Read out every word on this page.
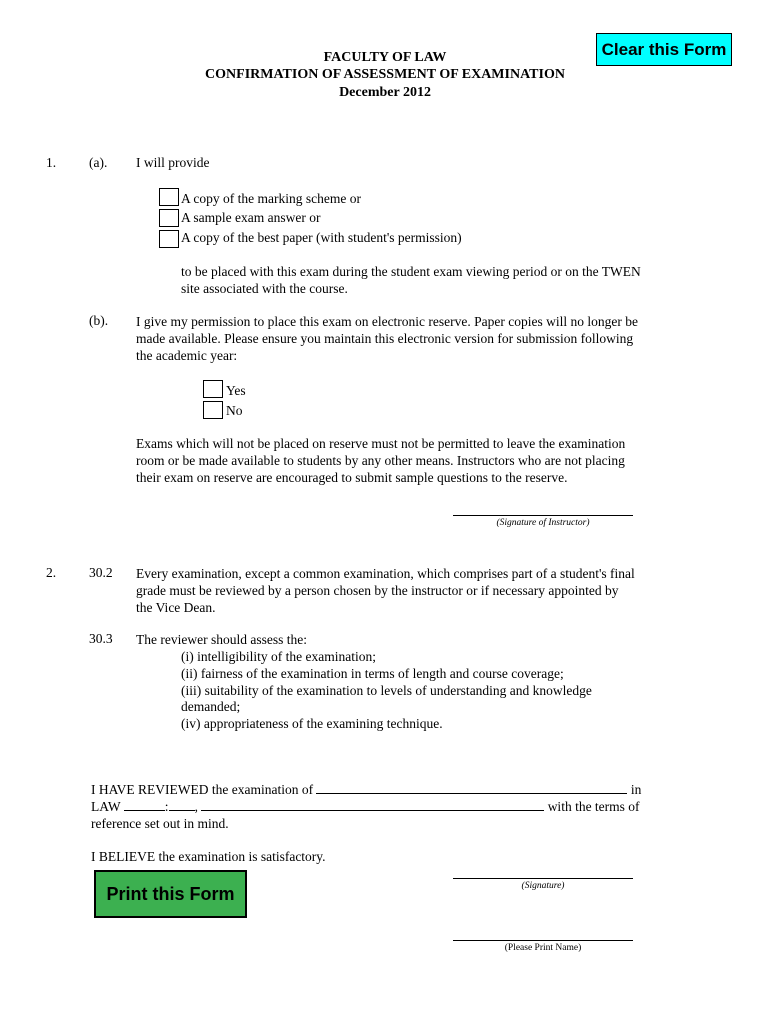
FACULTY OF LAW
CONFIRMATION OF ASSESSMENT OF EXAMINATION
December 2012
Clear this Form
1. (a). I will provide
A copy of the marking scheme or
A sample exam answer or
A copy of the best paper (with student's permission)
to be placed with this exam during the student exam viewing period or on the TWEN
site associated with the course.
(b). I give my permission to place this exam on electronic reserve. Paper copies will no longer be
made available. Please ensure you maintain this electronic version for submission following
the academic year:
Yes
No
Exams which will not be placed on reserve must not be permitted to leave the examination
room or be made available to students by any other means. Instructors who are not placing
their exam on reserve are encouraged to submit sample questions to the reserve.
(Signature of Instructor)
2. 30.2 Every examination, except a common examination, which comprises part of a student's final
grade must be reviewed by a person chosen by the instructor or if necessary appointed by
the Vice Dean.
30.3 The reviewer should assess the:
(i) intelligibility of the examination;
(ii) fairness of the examination in terms of length and course coverage;
(iii) suitability of the examination to levels of understanding and knowledge
demanded;
(iv) appropriateness of the examining technique.
I HAVE REVIEWED the examination of	in
LAW	: ,	with the terms of
reference set out in mind.
I BELIEVE the examination is satisfactory.
(Signature)
Print this Form
(Please Print Name)
